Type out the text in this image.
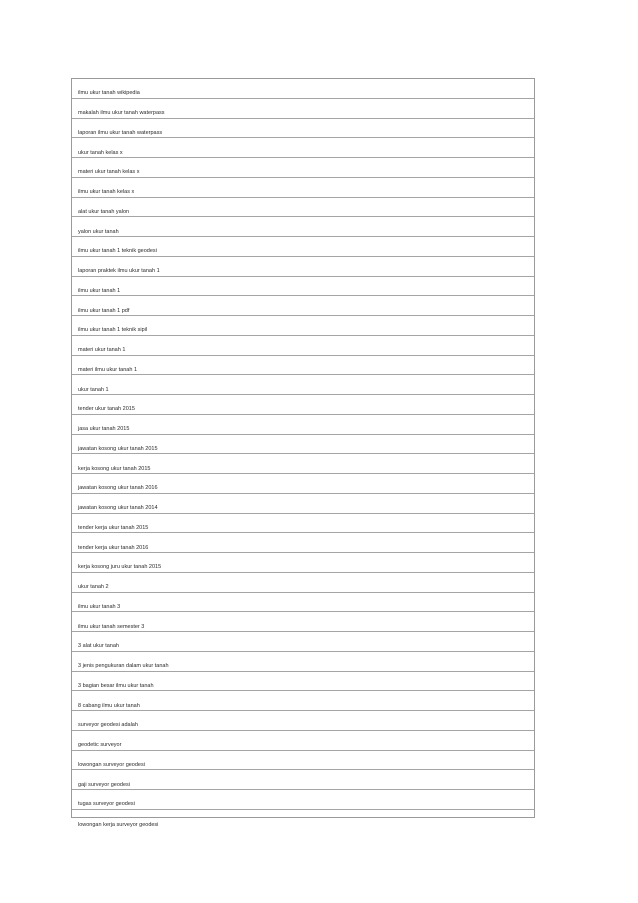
ilmu ukur tanah wikipedia
makalah ilmu ukur tanah waterpass
laporan ilmu ukur tanah waterpass
ukur tanah kelas x
materi ukur tanah kelas x
ilmu ukur tanah kelas x
alat ukur tanah yalon
yalon ukur tanah
ilmu ukur tanah 1 teknik geodesi
laporan praktek ilmu ukur tanah 1
ilmu ukur tanah 1
ilmu ukur tanah 1 pdf
ilmu ukur tanah 1 teknik sipil
materi ukur tanah 1
materi ilmu ukur tanah 1
ukur tanah 1
tender ukur tanah 2015
jasa ukur tanah 2015
jawatan kosong ukur tanah 2015
kerja kosong ukur tanah 2015
jawatan kosong ukur tanah 2016
jawatan kosong ukur tanah 2014
tender kerja ukur tanah 2015
tender kerja ukur tanah 2016
kerja kosong juru ukur tanah 2015
ukur tanah 2
ilmu ukur tanah 3
ilmu ukur tanah semester 3
3 alat ukur tanah
3 jenis pengukuran dalam ukur tanah
3 bagian besar ilmu ukur tanah
8 cabang ilmu ukur tanah
surveyor geodesi adalah
geodetic surveyor
lowongan surveyor geodesi
gaji surveyor geodesi
tugas surveyor geodesi
lowongan kerja surveyor geodesi
